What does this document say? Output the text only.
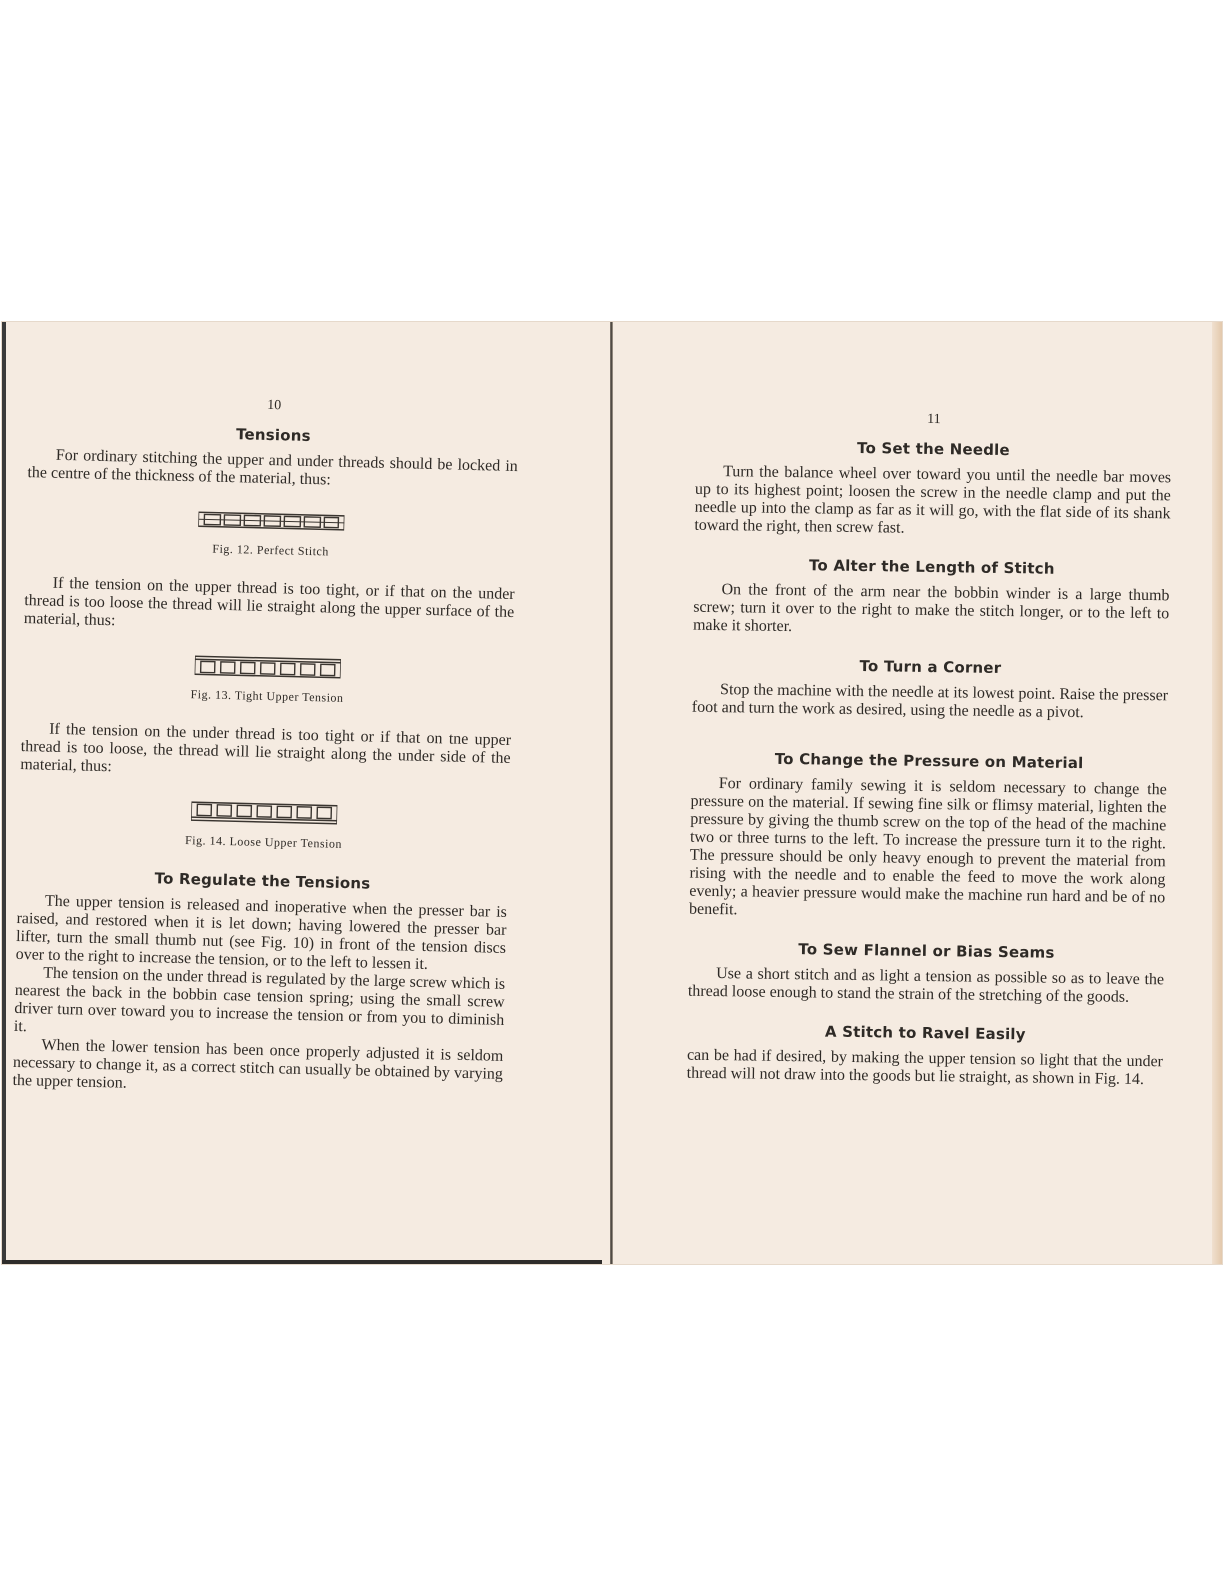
10
Tensions

For ordinary stitching the upper and under threads should be locked in the centre of the thickness of the material, thus:

Fig. 12. Perfect Stitch

If the tension on the upper thread is too tight, or if that on the under thread is too loose the thread will lie straight along the upper surface of the material, thus:

Fig. 13. Tight Upper Tension

If the tension on the under thread is too tight or if that on tne upper thread is too loose, the thread will lie straight along the under side of the material, thus:

Fig. 14. Loose Upper Tension
To Regulate the Tensions

The upper tension is released and inoperative when the presser bar is raised, and restored when it is let down; having lowered the presser bar lifter, turn the small thumb nut (see Fig. 10) in front of the tension discs over to the right to increase the tension, or to the left to lessen it.

The tension on the under thread is regulated by the large screw which is nearest the back in the bobbin case tension spring; using the small screw driver turn over toward you to increase the tension or from you to diminish it.

When the lower tension has been once properly adjusted it is seldom necessary to change it, as a correct stitch can usually be obtained by varying the upper tension.

11
To Set the Needle

Turn the balance wheel over toward you until the needle bar moves up to its highest point; loosen the screw in the needle clamp and put the needle up into the clamp as far as it will go, with the flat side of its shank toward the right, then screw fast.

To Alter the Length of Stitch

On the front of the arm near the bobbin winder is a large thumb screw; turn it over to the right to make the stitch longer, or to the left to make it shorter.

To Turn a Corner

Stop the machine with the needle at its lowest point. Raise the presser foot and turn the work as desired, using the needle as a pivot.

To Change the Pressure on Material

For ordinary family sewing it is seldom necessary to change the pressure on the material. If sewing fine silk or flimsy material, lighten the pressure by giving the thumb screw on the top of the head of the machine two or three turns to the left. To increase the pressure turn it to the right. The pressure should be only heavy enough to prevent the material from rising with the needle and to enable the feed to move the work along evenly; a heavier pressure would make the machine run hard and be of no benefit.

To Sew Flannel or Bias Seams

Use a short stitch and as light a tension as possible so as to leave the thread loose enough to stand the strain of the stretching of the goods.

A Stitch to Ravel Easily

can be had if desired, by making the upper tension so light that the under thread will not draw into the goods but lie straight, as shown in Fig. 14.
